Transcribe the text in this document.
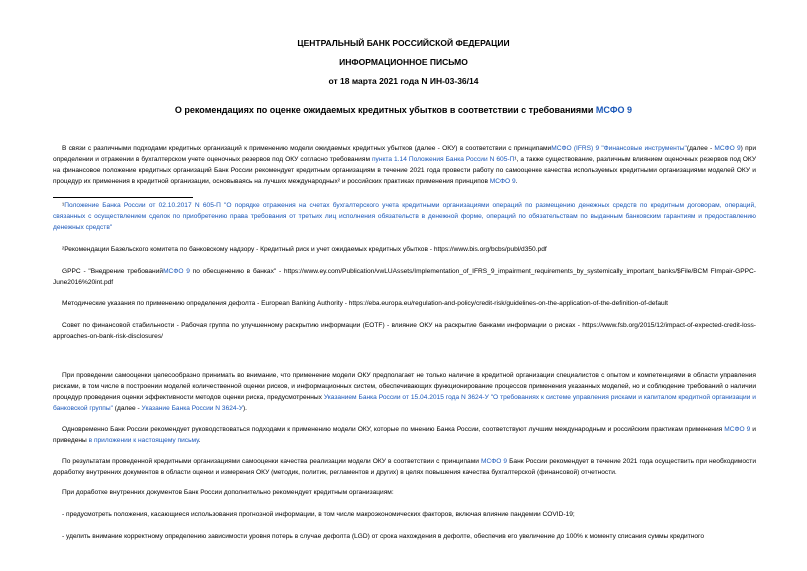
ЦЕНТРАЛЬНЫЙ БАНК РОССИЙСКОЙ ФЕДЕРАЦИИ
ИНФОРМАЦИОННОЕ ПИСЬМО
от 18 марта 2021 года N ИН-03-36/14
О рекомендациях по оценке ожидаемых кредитных убытков в соответствии с требованиями МСФО 9
В связи с различными подходами кредитных организаций к применению модели ожидаемых кредитных убытков (далее - ОКУ) в соответствии с принципамиМСФО (IFRS) 9 "Финансовые инструменты"(далее - МСФО 9) при определении и отражении в бухгалтерском учете оценочных резервов под ОКУ согласно требованиям пункта 1.14 Положения Банка России N 605-П¹, а также существование, различным влиянием оценочных резервов под ОКУ на финансовое положение кредитных организаций Банк России рекомендует кредитным организациям в течение 2021 года провести работу по самооценке качества используемых кредитными организациями моделей ОКУ и процедур их применения в кредитной организации, основываясь на лучших международных² и российских практиках применения принципов МСФО 9.
¹Положение Банка России от 02.10.2017 N 605-П "О порядке отражения на счетах бухгалтерского учета кредитными организациями операций по размещению денежных средств по кредитным договорам, операций, связанных с осуществлением сделок по приобретению права требования от третьих лиц исполнения обязательств в денежной форме, операций по обязательствам по выданным банковским гарантиям и предоставлению денежных средств"
²Рекомендации Базельского комитета по банковскому надзору - Кредитный риск и учет ожидаемых кредитных убытков - https://www.bis.org/bcbs/publ/d350.pdf
GPPC - "Внедрение требованийМСФО 9 по обесценению в банках" - https://www.ey.com/Publication/vwLUAssets/Implementation_of_IFRS_9_impairment_requirements_by_systemically_important_banks/$File/BCM FImpair-GPPC-June2016%20int.pdf
Методические указания по применению определения дефолта - European Banking Authority - https://eba.europa.eu/regulation-and-policy/credit-risk/guidelines-on-the-application-of-the-definition-of-default
Совет по финансовой стабильности - Рабочая группа по улучшенному раскрытию информации (EOTF) - влияние ОКУ на раскрытие банками информации о рисках - https://www.fsb.org/2015/12/impact-of-expected-credit-loss-approaches-on-bank-risk-disclosures/
При проведении самооценки целесообразно принимать во внимание, что применение модели ОКУ предполагает не только наличие в кредитной организации специалистов с опытом и компетенциями в области управления рисками, в том числе в построении моделей количественной оценки рисков, и информационных систем, обеспечивающих функционирование процессов применения указанных моделей, но и соблюдение требований о наличии процедур проведения оценки эффективности методов оценки риска, предусмотренных Указанием Банка России от 15.04.2015 года N 3624-У "О требованиях к системе управления рисками и капиталом кредитной организации и банковской группы" (далее - Указание Банка России N 3624-У).
Одновременно Банк России рекомендует руководствоваться подходами к применению модели ОКУ, которые по мнению Банка России, соответствуют лучшим международным и российским практикам применения МСФО 9 и приведены в приложении к настоящему письму.
По результатам проведенной кредитными организациями самооценки качества реализации модели ОКУ в соответствии с принципами МСФО 9 Банк России рекомендует в течение 2021 года осуществить при необходимости доработку внутренних документов в области оценки и измерения ОКУ (методик, политик, регламентов и других) в целях повышения качества бухгалтерской (финансовой) отчетности.
При доработке внутренних документов Банк России дополнительно рекомендует кредитным организациям:
- предусмотреть положения, касающиеся использования прогнозной информации, в том числе макроэкономических факторов, включая влияние пандемии COVID-19;
- уделить внимание корректному определению зависимости уровня потерь в случае дефолта (LGD) от срока нахождения в дефолте, обеспечив его увеличение до 100% к моменту списания суммы кредитного
